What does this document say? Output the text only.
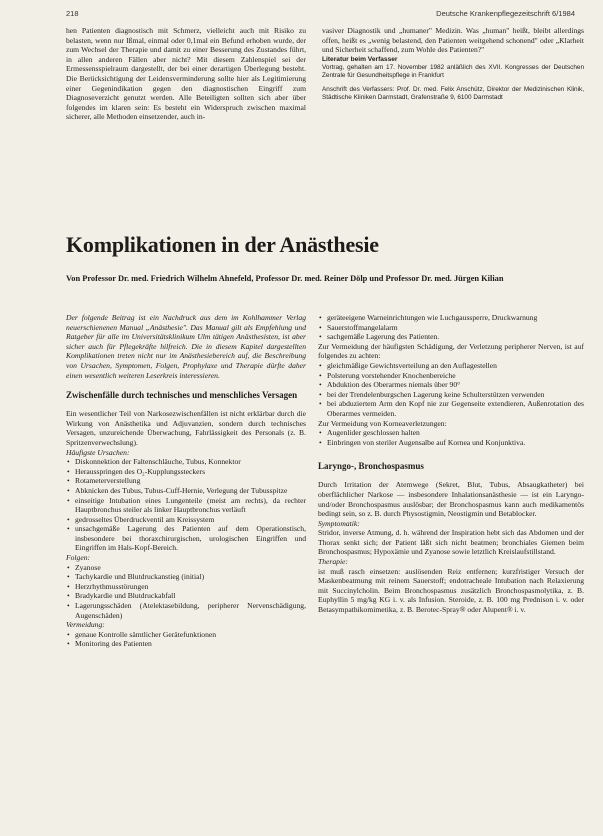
218	Deutsche Krankenpflegezeitschrift 6/1984

hen Patienten diagnostisch mit Schmerz, vielleicht auch mit Risiko zu belasten, wenn nur Ißmal, einmal oder 0,1mal ein Befund erhoben wurde, der zum Wechsel der Therapie und damit zu einer Besserung des Zustandes führt, in allen anderen Fällen aber nicht? Mit diesem Zahlenspiel sei der Ermessensspielraum dargestellt, der bei einer derartigen Überlegung besteht. Die Berücksichtigung der Leidensverminderung sollte hier als Legitimierung einer Gegenindikation gegen den diagnostischen Eingriff zum Diagnoseverzicht genutzt werden. Alle Beteiligten sollten sich aber über folgendes im klaren sein: Es besteht ein Widerspruch zwischen maximal sicherer, alle Methoden einsetzender, auch in-

vasiver Diagnostik und „humaner" Medizin. Was „human" heißt, bleibt allerdings offen, heißt es „wenig belastend, den Patienten weitgehend schonend" oder „Klarheit und Sicherheit schaffend, zum Wohle des Patienten?"

Literatur beim Verfasser

Vortrag, gehalten am 17. November 1982 anläßlich des XVII. Kongresses der Deutschen Zentrale für Gesundheitspflege in Frankfurt

Anschrift des Verfassers: Prof. Dr. med. Felix Anschütz, Direktor der Medizinischen Klinik, Städtische Kliniken Darmstadt, Grafenstraße 9, 6100 Darmstadt

Komplikationen in der Anästhesie
Von Professor Dr. med. Friedrich Wilhelm Ahnefeld, Professor Dr. med. Reiner Dölp und Professor Dr. med. Jürgen Kilian

Der folgende Beitrag ist ein Nachdruck aus dem im Kohlhammer Verlag neuerschienenen Manual „Anästhesie". Das Manual gilt als Empfehlung und Ratgeber für alle im Universitätsklinikum Ulm tätigen Anästhesisten, ist aber sicher auch für Pflegekräfte hilfreich. Die in diesem Kapitel dargestellten Komplikationen treten nicht nur im Anästhesiebereich auf, die Beschreibung von Ursachen, Symptomen, Folgen, Prophylaxe und Therapie dürfte daher einen wesentlich weiteren Leserkreis interessieren.

Zwischenfälle durch technisches und menschliches Versagen

Ein wesentlicher Teil von Narkosezwischenfällen ist nicht erklärbar durch die Wirkung von Anästhetika und Adjuvanzien, sondern durch technisches Versagen, unzureichende Überwachung, Fahrlässigkeit des Personals (z. B. Spritzenverwechslung).

Häufigste Ursachen:

• Diskonnektion der Faltenschläuche, Tubus, Konnektor
• Herausspringen des O₂-Kupplungssteckers
• Rotameterverstellung
• Abknicken des Tubus, Tubus-Cuff-Hernie, Verlegung der Tubusspitze
• einseitige Intubation eines Lungenteile (meist am rechts), da rechter Hauptbronchus steiler als linker Hauptbronchus verläuft
• gedrosseltes Überdruckventil am Kreissystem
• unsachgemäße Lagerung des Patienten auf dem Operationstisch, insbesondere bei thoraxchirurgischen, urologischen Eingriffen und Eingriffen im Hals-Kopf-Bereich.

Folgen:

• Zyanose
• Tachykardie und Blutdruckanstieg (initial)
• Herzrhythmusstörungen
• Bradykardie und Blutdruckabfall
• Lagerungsschäden (Atelektasebildung, peripherer Nervenschädigung, Augenschäden)

Vermeidung:

• genaue Kontrolle sämtlicher Gerätefunktionen
• Monitoring des Patienten
• geräteeigene Warneinrichtungen wie Luchgaussperre, Druckwarnung
• Sauerstoffmangelalarm
• sachgemäße Lagerung des Patienten.

Zur Vermeidung der häufigsten Schädigung, der Verletzung peripherer Nerven, ist auf folgendes zu achten:

• gleichmäßige Gewichtsverteilung an den Auflagestellen
• Polsterung vorstehender Knochenbereiche
• Abduktion des Oberarmes niemals über 90°
• bei der Trendelenburgschen Lagerung keine Schulterstützen verwenden
• bei abduziertem Arm den Kopf nie zur Gegenseite extendieren, Außenrotation des Oberarmes vermeiden.

Zur Vermeidung von Korneaverletzungen:

• Augenlider geschlossen halten
• Einbringen von steriler Augensalbe auf Kornea und Konjunktiva.

Laryngo-, Bronchospasmus

Durch Irritation der Atemwege (Sekret, Blut, Tubus, Absaugkatheter) bei oberflächlicher Narkose — insbesondere Inhalationsanästhesie — ist ein Laryngo- und/oder Bronchospasmus auslösbar; der Bronchospasmus kann auch medikamentös bedingt sein, so z. B. durch Physostigmin, Neostigmin und Betablocker.

Symptomatik:

Stridor, inverse Atmung, d. h. während der Inspiration hebt sich das Abdomen und der Thorax senkt sich; der Patient läßt sich nicht beatmen; bronchiales Giemen beim Bronchospasmus; Hypoxämie und Zyanose sowie letztlich Kreislaufstillstand.

Therapie:

ist muß rasch einsetzen: auslösenden Reiz entfernen; kurzfristiger Versuch der Maskenbeatmung mit reinem Sauerstoff; endotracheale Intubation nach Relaxierung mit Succinylcholin. Beim Bronchospasmus zusätzlich Bronchospasmolytika, z. B. Euphyllin 5 mg/kg KG i. v. als Infusion. Steroide, z. B. 100 mg Prednison i. v. oder Betasympathikomimetika, z. B. Berotec-Spray® oder Alupent® i. v.
